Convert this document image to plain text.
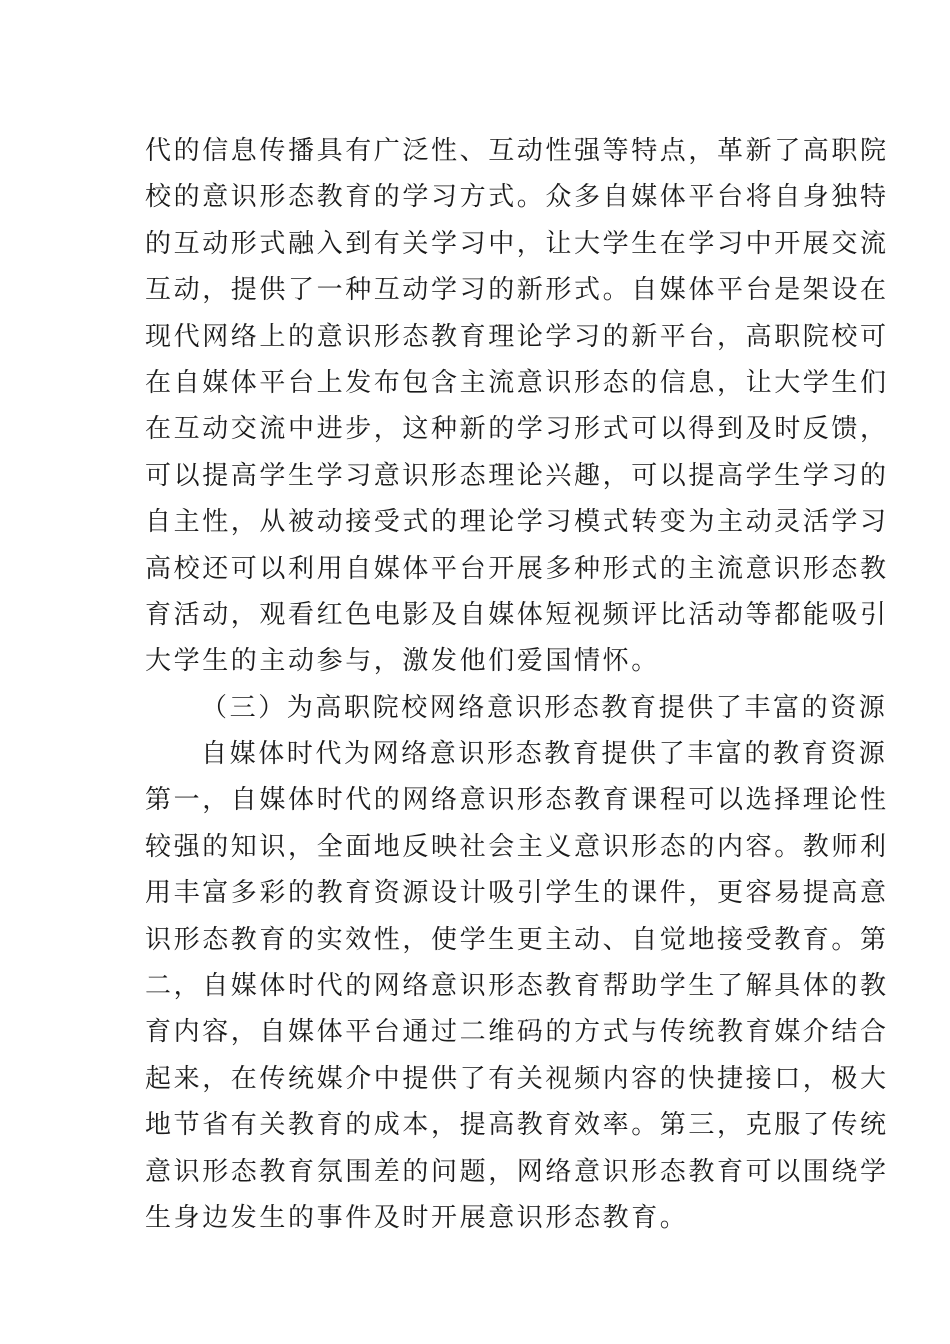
代的信息传播具有广泛性、互动性强等特点，革新了高职院
校的意识形态教育的学习方式。众多自媒体平台将自身独特
的互动形式融入到有关学习中，让大学生在学习中开展交流
互动，提供了一种互动学习的新形式。自媒体平台是架设在
现代网络上的意识形态教育理论学习的新平台，高职院校可
在自媒体平台上发布包含主流意识形态的信息，让大学生们
在互动交流中进步，这种新的学习形式可以得到及时反馈，
可以提高学生学习意识形态理论兴趣，可以提高学生学习的
自主性，从被动接受式的理论学习模式转变为主动灵活学习
高校还可以利用自媒体平台开展多种形式的主流意识形态教
育活动，观看红色电影及自媒体短视频评比活动等都能吸引
大学生的主动参与，激发他们爱国情怀。
（三）为高职院校网络意识形态教育提供了丰富的资源
自媒体时代为网络意识形态教育提供了丰富的教育资源
第一，自媒体时代的网络意识形态教育课程可以选择理论性
较强的知识，全面地反映社会主义意识形态的内容。教师利
用丰富多彩的教育资源设计吸引学生的课件，更容易提高意
识形态教育的实效性，使学生更主动、自觉地接受教育。第
二，自媒体时代的网络意识形态教育帮助学生了解具体的教
育内容，自媒体平台通过二维码的方式与传统教育媒介结合
起来，在传统媒介中提供了有关视频内容的快捷接口，极大
地节省有关教育的成本，提高教育效率。第三，克服了传统
意识形态教育氛围差的问题，网络意识形态教育可以围绕学
生身边发生的事件及时开展意识形态教育。
